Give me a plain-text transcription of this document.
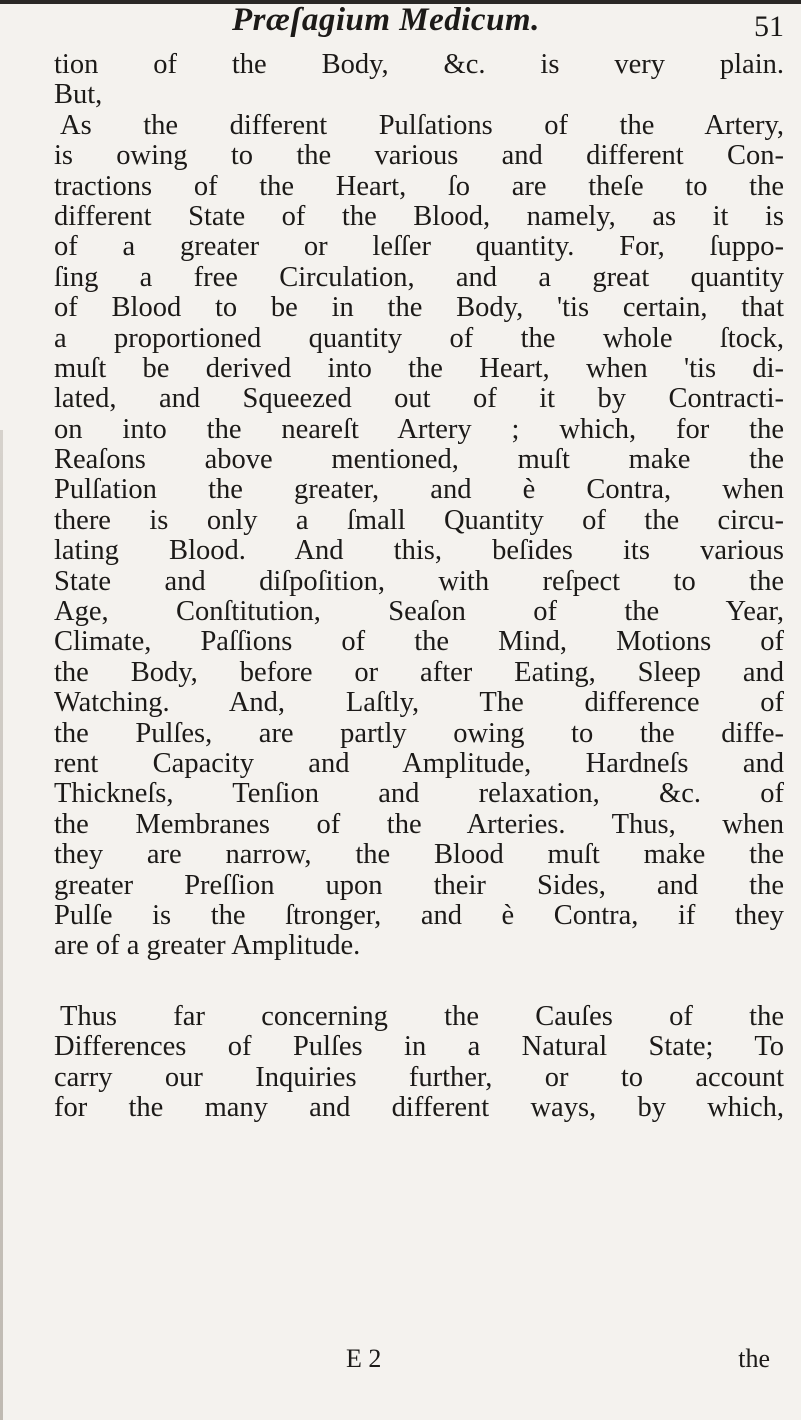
Præſagium Medicum.	51
tion of the Body, &c. is very plain.
But,
As the different Pulſations of the Artery,
is owing to the various and different Con-
tractions of the Heart, ſo are theſe to the
different State of the Blood, namely, as it is
of a greater or leſſer quantity. For, ſuppo-
ſing a free Circulation, and a great quantity
of Blood to be in the Body, 'tis certain, that
a proportioned quantity of the whole ſtock,
muſt be derived into the Heart, when 'tis di-
lated, and Squeezed out of it by Contracti-
on into the neareſt Artery ; which, for the
Reaſons above mentioned, muſt make the
Pulſation the greater, and è Contra, when
there is only a ſmall Quantity of the circu-
lating Blood. And this, beſides its various
State and diſpoſition, with reſpect to the
Age, Conſtitution, Seaſon of the Year,
Climate, Paſſions of the Mind, Motions of
the Body, before or after Eating, Sleep and
Watching. And, Laſtly, The difference of
the Pulſes, are partly owing to the diffe-
rent Capacity and Amplitude, Hardneſs and
Thickneſs, Tenſion and relaxation, &c. of
the Membranes of the Arteries. Thus, when
they are narrow, the Blood muſt make the
greater Preſſion upon their Sides, and the
Pulſe is the ſtronger, and è Contra, if they
are of a greater Amplitude.
Thus far concerning the Cauſes of the
Differences of Pulſes in a Natural State; To
carry our Inquiries further, or to account
for the many and different ways, by which,
E 2	the
